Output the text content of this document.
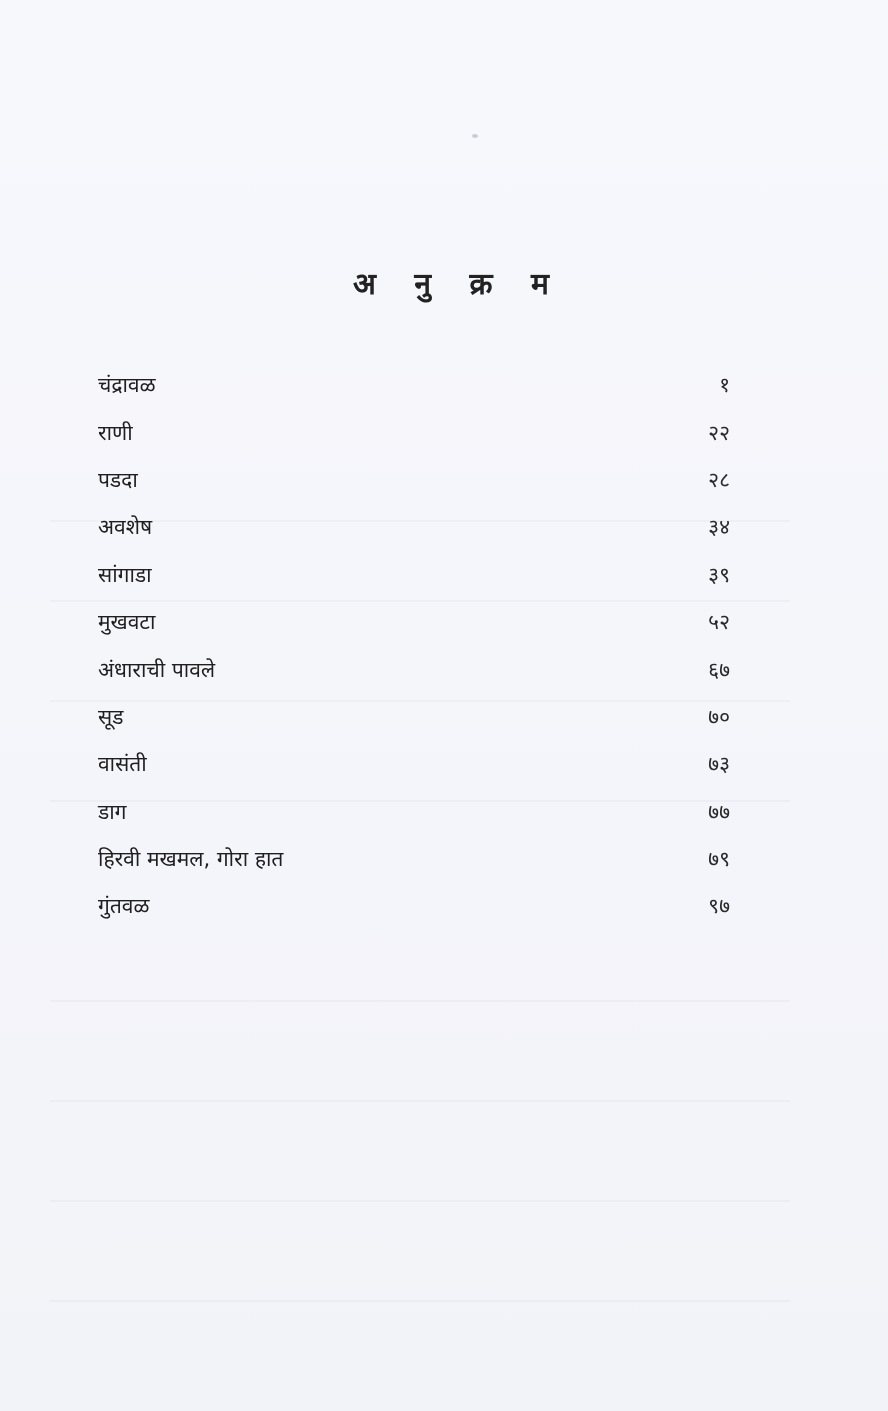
अ नु क्र म
चंद्रावळ	१
राणी	२२
पडदा	२८
अवशेष	३४
सांगाडा	३९
मुखवटा	५२
अंधाराची पावले	६७
सूड	७०
वासंती	७३
डाग	७७
हिरवी मखमल, गोरा हात	७९
गुंतवळ	९७
